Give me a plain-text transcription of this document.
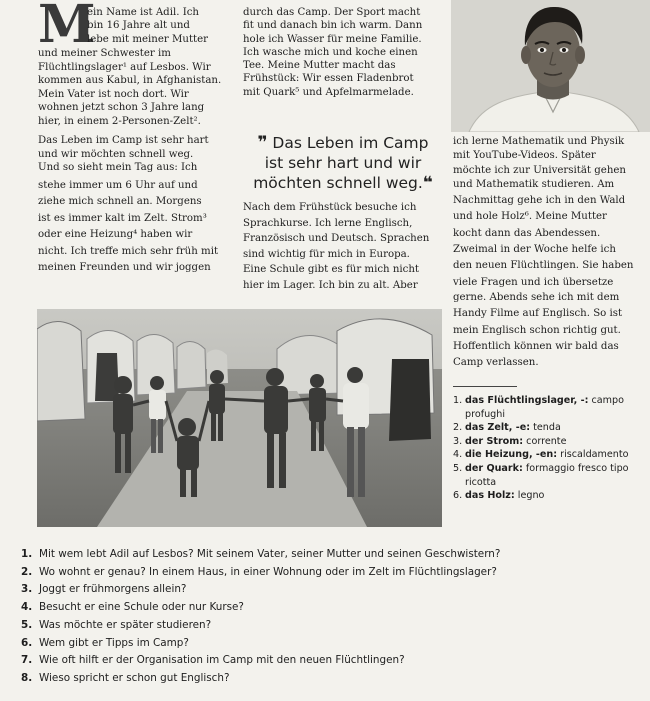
M
ein Name ist Adil. Ich
bin 16 Jahre alt und
lebe mit meiner Mutter
und meiner Schwester im
Flüchtlingslager¹ auf Lesbos. Wir
kommen aus Kabul, in Afghanistan.
Mein Vater ist noch dort. Wir
wohnen jetzt schon 3 Jahre lang
hier, in einem 2-Personen-Zelt².
Das Leben im Camp ist sehr hart
und wir möchten schnell weg.
Und so sieht mein Tag aus: Ich
stehe immer um 6 Uhr auf und
ziehe mich schnell an. Morgens
ist es immer kalt im Zelt. Strom³
oder eine Heizung⁴ haben wir
nicht. Ich treffe mich sehr früh mit
meinen Freunden und wir joggen
durch das Camp. Der Sport macht
fit und danach bin ich warm. Dann
hole ich Wasser für meine Familie.
Ich wasche mich und koche einen
Tee. Meine Mutter macht das
Frühstück: Wir essen Fladenbrot
mit Quark⁵ und Apfelmarmelade.
❞ Das Leben im Camp
ist sehr hart und wir
möchten schnell weg.❝
Nach dem Frühstück besuche ich
Sprachkurse. Ich lerne Englisch,
Französisch und Deutsch. Sprachen
sind wichtig für mich in Europa.
Eine Schule gibt es für mich nicht
hier im Lager. Ich bin zu alt. Aber
ich lerne Mathematik und Physik
mit YouTube-Videos. Später
möchte ich zur Universität gehen
und Mathematik studieren. Am
Nachmittag gehe ich in den Wald
und hole Holz⁶. Meine Mutter
kocht dann das Abendessen.
Zweimal in der Woche helfe ich
den neuen Flüchtlingen. Sie haben
viele Fragen und ich übersetze
gerne. Abends sehe ich mit dem
Handy Filme auf Englisch. So ist
mein Englisch schon richtig gut.
Hoffentlich können wir bald das
Camp verlassen.
1. das Flüchtlingslager, -: campo
profughi
2. das Zelt, -e: tenda
3. der Strom: corrente
4. die Heizung, -en: riscaldamento
5. der Quark: formaggio fresco tipo
ricotta
6. das Holz: legno
1. Mit wem lebt Adil auf Lesbos? Mit seinem Vater, seiner Mutter und seinen Geschwistern?
2. Wo wohnt er genau? In einem Haus, in einer Wohnung oder im Zelt im Flüchtlingslager?
3. Joggt er frühmorgens allein?
4. Besucht er eine Schule oder nur Kurse?
5. Was möchte er später studieren?
6. Wem gibt er Tipps im Camp?
7. Wie oft hilft er der Organisation im Camp mit den neuen Flüchtlingen?
8. Wieso spricht er schon gut Englisch?
